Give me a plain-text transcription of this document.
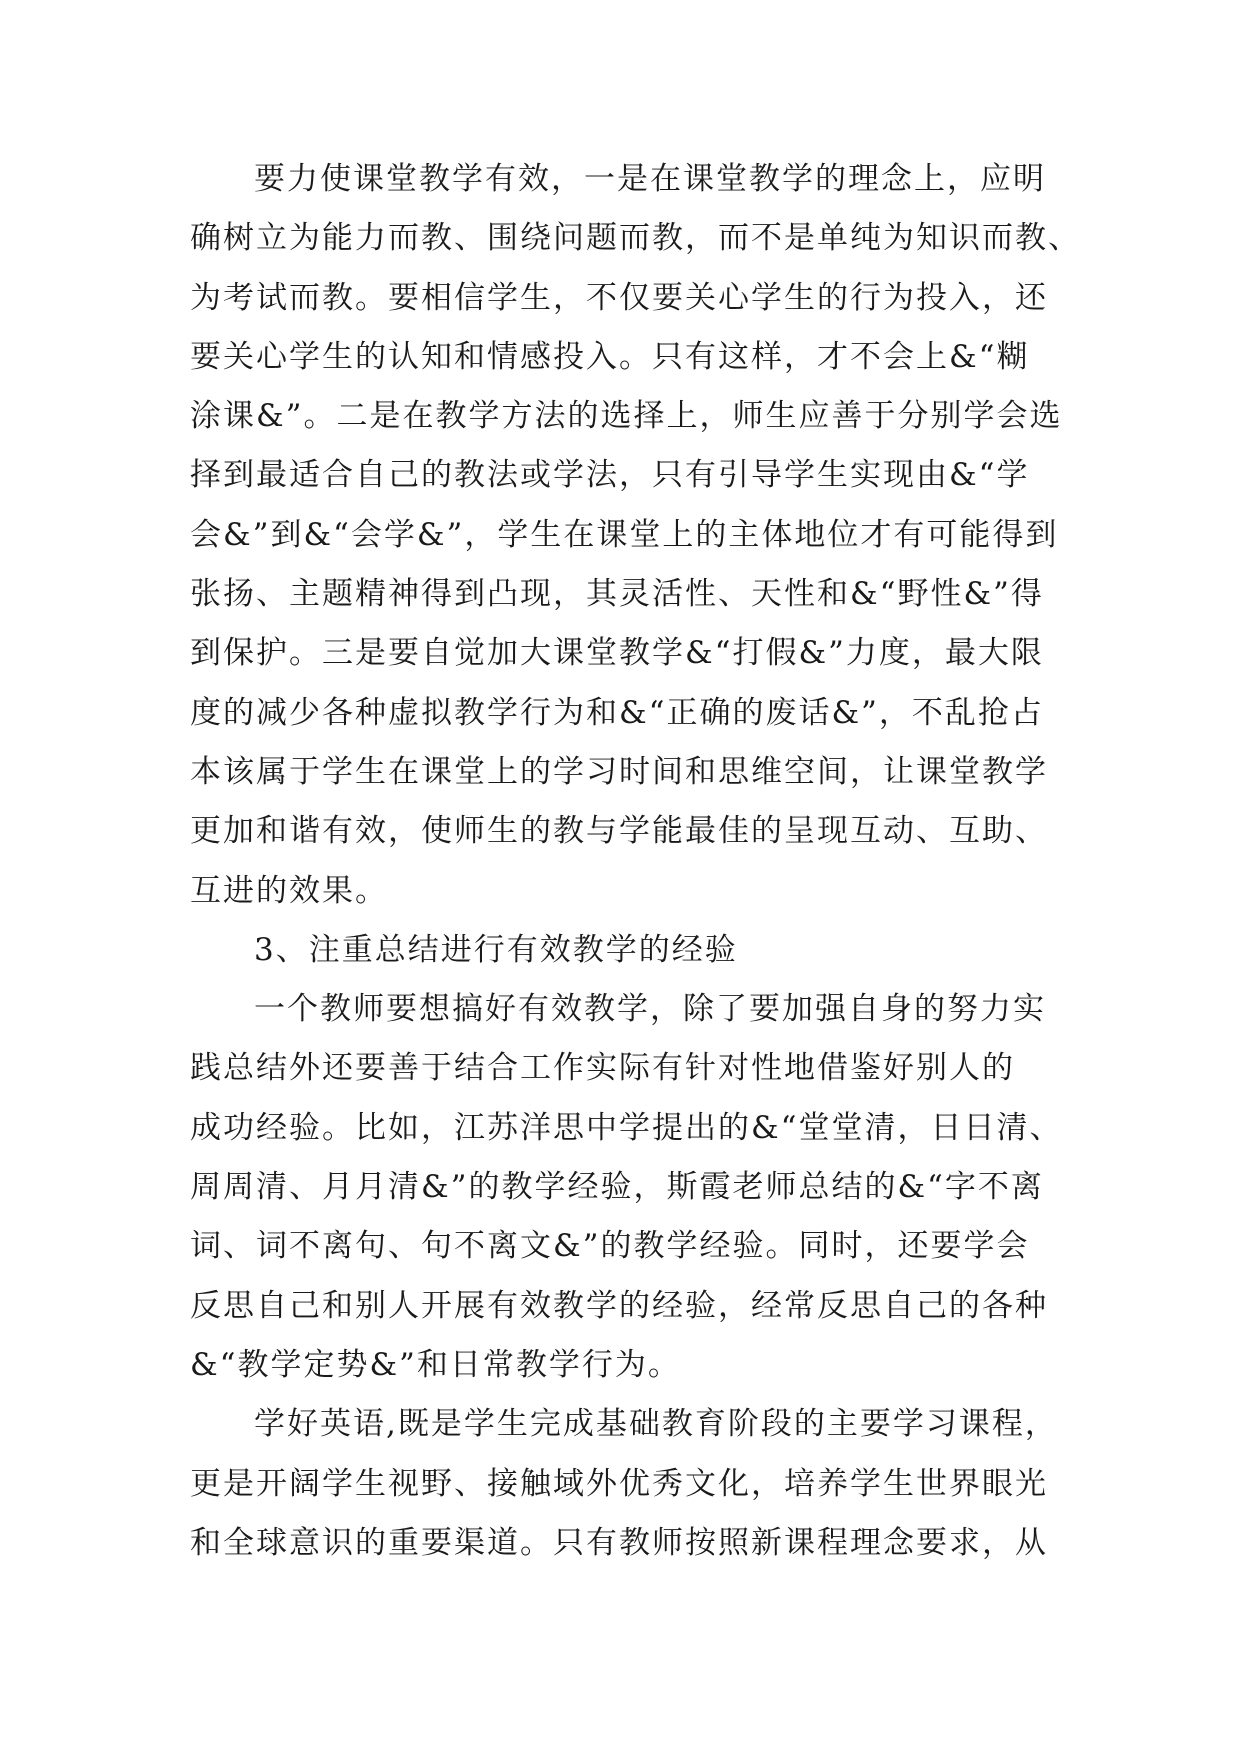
要力使课堂教学有效，一是在课堂教学的理念上，应明
确树立为能力而教、围绕问题而教，而不是单纯为知识而教、
为考试而教。要相信学生，不仅要关心学生的行为投入，还
要关心学生的认知和情感投入。只有这样，才不会上&“糊
涂课&”。二是在教学方法的选择上，师生应善于分别学会选
择到最适合自己的教法或学法，只有引导学生实现由&“学
会&”到&“会学&”，学生在课堂上的主体地位才有可能得到
张扬、主题精神得到凸现，其灵活性、天性和&“野性&”得
到保护。三是要自觉加大课堂教学&“打假&”力度，最大限
度的减少各种虚拟教学行为和&“正确的废话&”，不乱抢占
本该属于学生在课堂上的学习时间和思维空间，让课堂教学
更加和谐有效，使师生的教与学能最佳的呈现互动、互助、
互进的效果。
3、注重总结进行有效教学的经验
一个教师要想搞好有效教学，除了要加强自身的努力实
践总结外还要善于结合工作实际有针对性地借鉴好别人的
成功经验。比如，江苏洋思中学提出的&“堂堂清，日日清、
周周清、月月清&”的教学经验，斯霞老师总结的&“字不离
词、词不离句、句不离文&”的教学经验。同时，还要学会
反思自己和别人开展有效教学的经验，经常反思自己的各种
&“教学定势&”和日常教学行为。
学好英语,既是学生完成基础教育阶段的主要学习课程，
更是开阔学生视野、接触域外优秀文化，培养学生世界眼光
和全球意识的重要渠道。只有教师按照新课程理念要求，从
